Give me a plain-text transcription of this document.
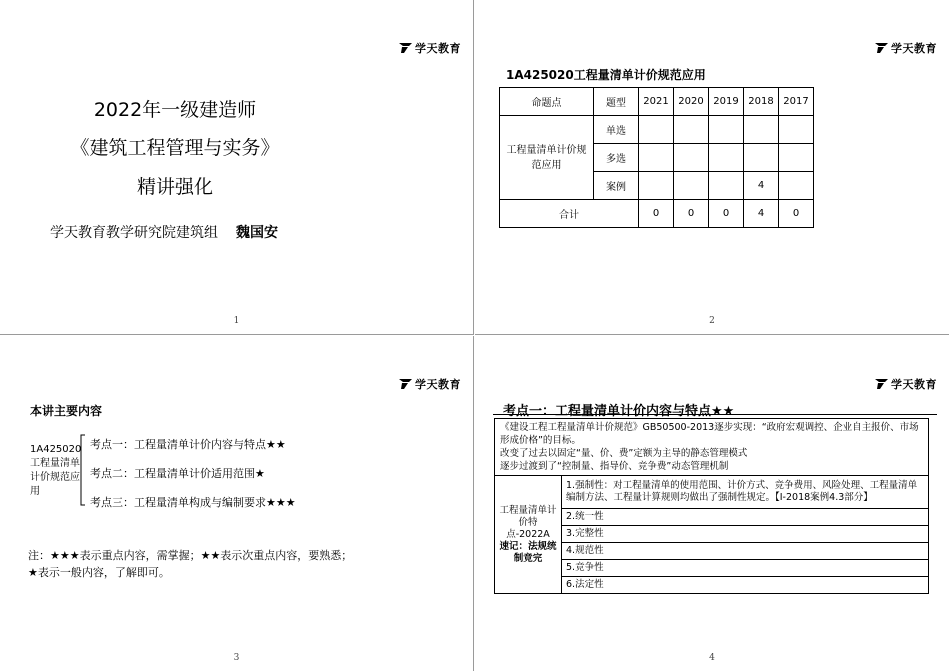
学天教育
2022年一级建造师
《建筑工程管理与实务》
精讲强化
学天教育教学研究院建筑组 魏国安
1
学天教育
1A425020工程量清单计价规范应用
命题点	题型	2021	2020	2019	2018	2017
工程量清单计价规范应用	单选					
	多选					
	案例				4	
合计		0	0	0	4	0
2
学天教育
本讲主要内容
1A425020工程量清单计价规范应用
考点一：工程量清单计价内容与特点★★
考点二：工程量清单计价适用范围★
考点三：工程量清单构成与编制要求★★★
注：★★★表示重点内容，需掌握；★★表示次重点内容，要熟悉；★表示一般内容，了解即可。
3
学天教育
考点一：工程量清单计价内容与特点★★
《建设工程工程量清单计价规范》GB50500-2013逐步实现：“政府宏观调控、企业自主报价、市场形成价格”的目标。
改变了过去以固定“量、价、费”定额为主导的静态管理模式
逐步过渡到了“控制量、指导价、竞争费”动态管理机制
工程量清单计价特点-2022A
速记：法规统制竞完
	1.强制性：对工程量清单的使用范围、计价方式、竞争费用、风险处理、工程量清单编制方法、工程量计算规则均做出了强制性规定。【Ⅰ-2018案例4.3部分】
2.统一性
3.完整性
4.规范性
5.竞争性
6.法定性
4
